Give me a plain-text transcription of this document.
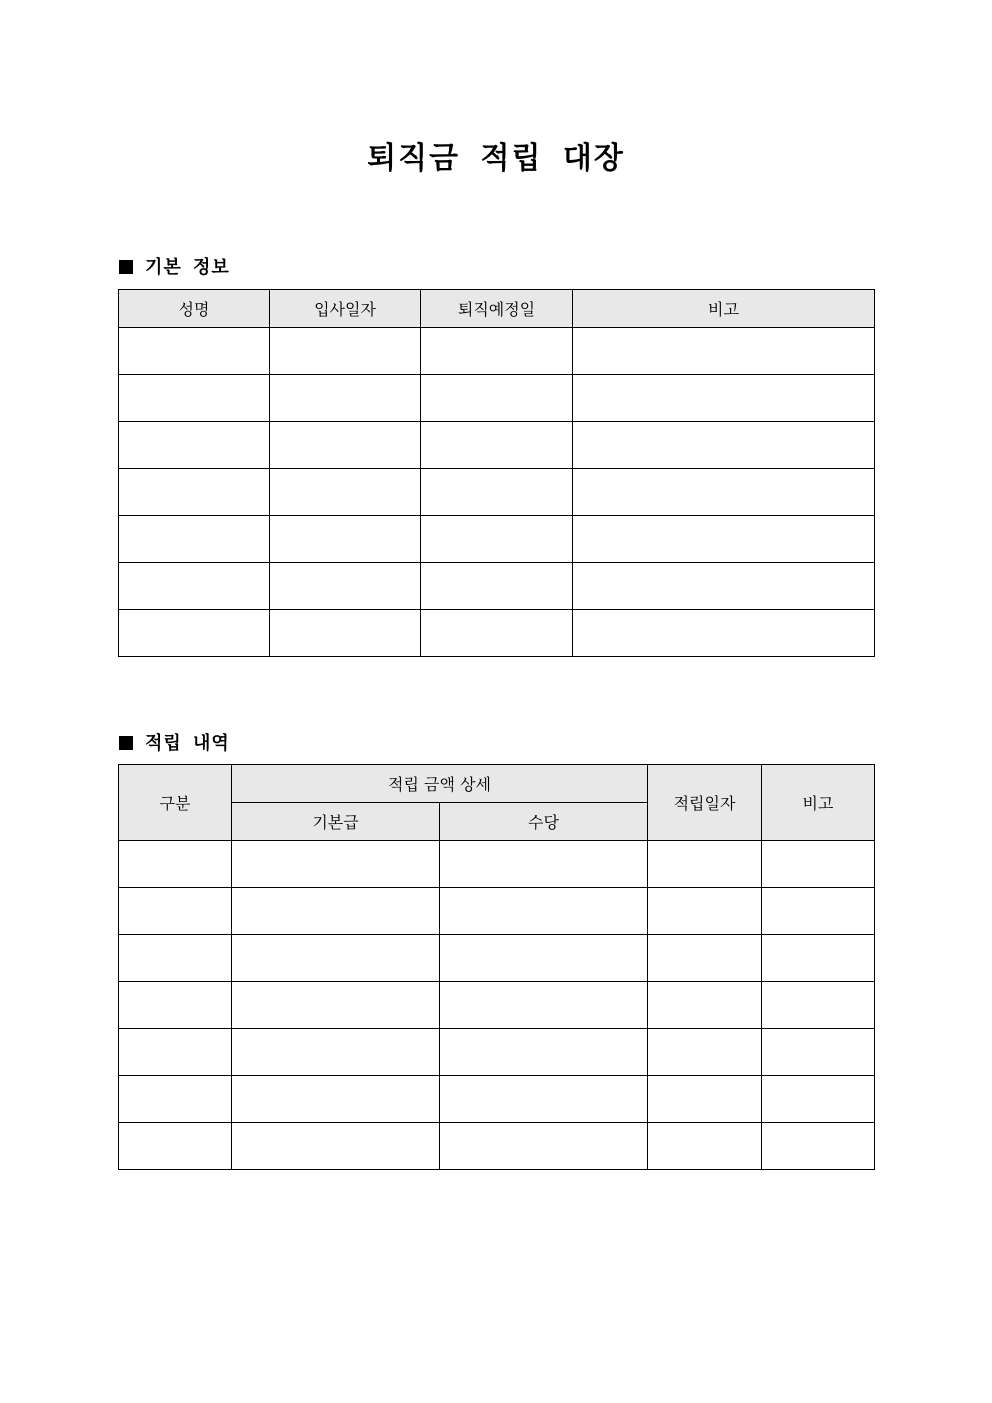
퇴직금 적립 대장
기본 정보
성명	입사일자	퇴직예정일	비고

적립 내역
구분	적립 금액 상세		적립일자	비고
	기본급	수당		
